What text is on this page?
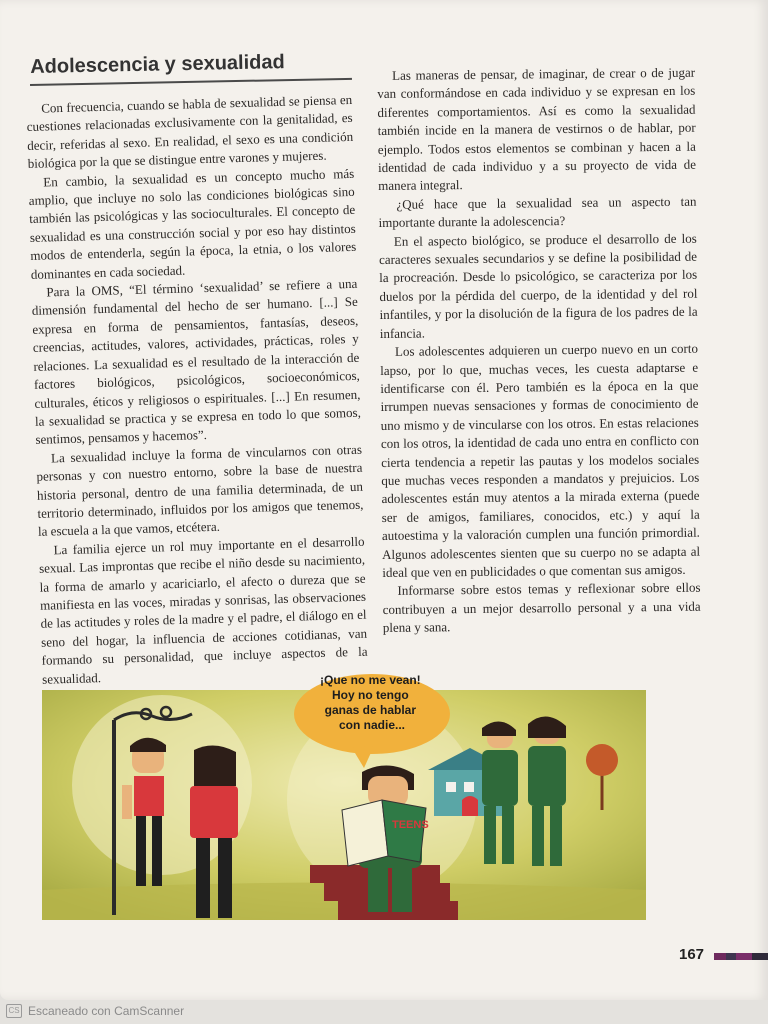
Adolescencia y sexualidad

Con frecuencia, cuando se habla de sexualidad se piensa en cuestiones relacionadas exclusivamente con la genitalidad, es decir, referidas al sexo. En realidad, el sexo es una condición biológica por la que se distingue entre varones y mujeres.

En cambio, la sexualidad es un concepto mucho más amplio, que incluye no solo las condiciones biológicas sino también las psicológicas y las socioculturales. El concepto de sexualidad es una construcción social y por eso hay distintos modos de entenderla, según la época, la etnia, o los valores dominantes en cada sociedad.

Para la OMS, “El término ‘sexualidad’ se refiere a una dimensión fundamental del hecho de ser humano. [...] Se expresa en forma de pensamientos, fantasías, deseos, creencias, actitudes, valores, actividades, prácticas, roles y relaciones. La sexualidad es el resultado de la interacción de factores biológicos, psicológicos, socioeconómicos, culturales, éticos y religiosos o espirituales. [...] En resumen, la sexualidad se practica y se expresa en todo lo que somos, sentimos, pensamos y hacemos”.

La sexualidad incluye la forma de vincularnos con otras personas y con nuestro entorno, sobre la base de nuestra historia personal, dentro de una familia determinada, de un territorio determinado, influidos por los amigos que tenemos, la escuela a la que vamos, etcétera.

La familia ejerce un rol muy importante en el desarrollo sexual. Las improntas que recibe el niño desde su nacimiento, la forma de amarlo y acariciarlo, el afecto o dureza que se manifiesta en las voces, miradas y sonrisas, las observaciones de las actitudes y roles de la madre y el padre, el diálogo en el seno del hogar, la influencia de acciones cotidianas, van formando su personalidad, que incluye aspectos de la sexualidad.

Las maneras de pensar, de imaginar, de crear o de jugar van conformándose en cada individuo y se expresan en los diferentes comportamientos. Así es como la sexualidad también incide en la manera de vestirnos o de hablar, por ejemplo. Todos estos elementos se combinan y hacen a la identidad de cada individuo y a su proyecto de vida de manera integral.

¿Qué hace que la sexualidad sea un aspecto tan importante durante la adolescencia?

En el aspecto biológico, se produce el desarrollo de los caracteres sexuales secundarios y se define la posibilidad de la procreación. Desde lo psicológico, se caracteriza por los duelos por la pérdida del cuerpo, de la identidad y del rol infantiles, y por la disolución de la figura de los padres de la infancia.

Los adolescentes adquieren un cuerpo nuevo en un corto lapso, por lo que, muchas veces, les cuesta adaptarse e identificarse con él. Pero también es la época en la que irrumpen nuevas sensaciones y formas de conocimiento de uno mismo y de vincularse con los otros. En estas relaciones con los otros, la identidad de cada uno entra en conflicto con cierta tendencia a repetir las pautas y los modelos sociales que muchas veces responden a mandatos y prejuicios. Los adolescentes están muy atentos a la mirada externa (puede ser de amigos, familiares, conocidos, etc.) y aquí la autoestima y la valoración cumplen una función primordial. Algunos adolescentes sienten que su cuerpo no se adapta al ideal que ven en publicidades o que comentan sus amigos.

Informarse sobre estos temas y reflexionar sobre ellos contribuyen a un mejor desarrollo personal y a una vida plena y sana.

¡Que no me vean! Hoy no tengo ganas de hablar con nadie...
TEENS
167
CS Escaneado con CamScanner
